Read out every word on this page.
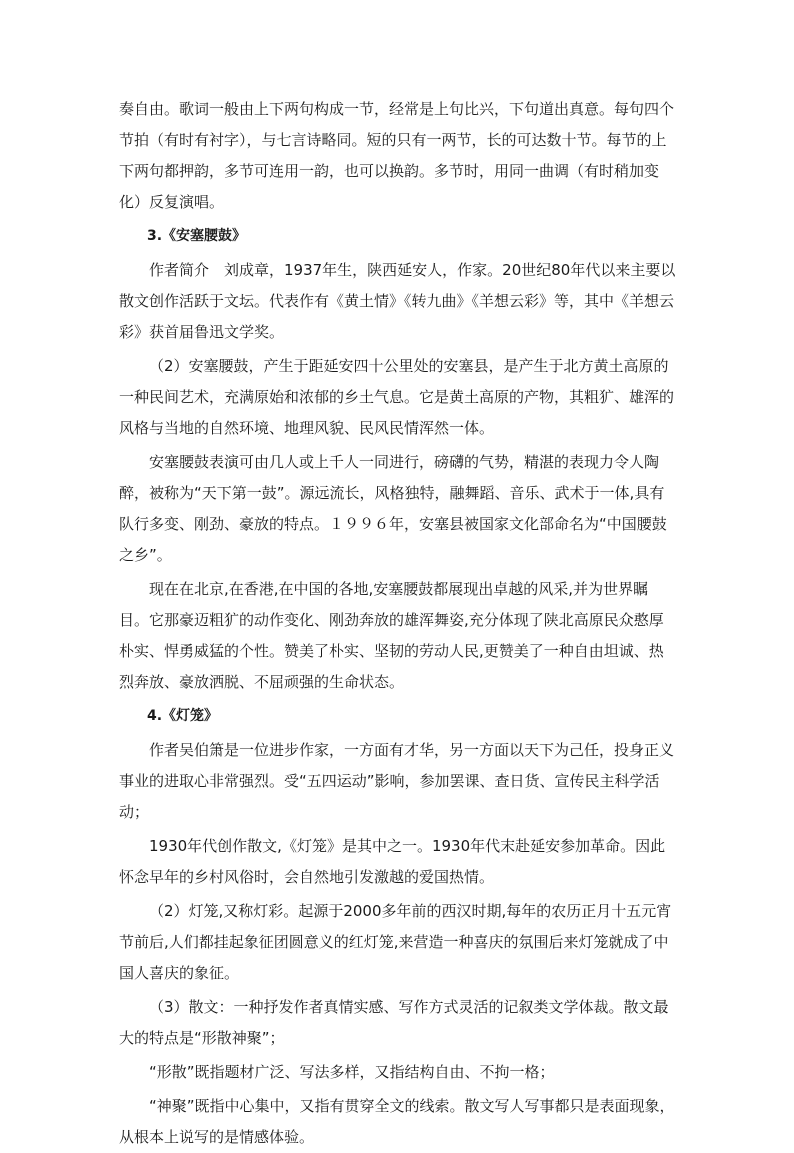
奏自由。歌词一般由上下两句构成一节，经常是上句比兴，下句道出真意。每句四个节拍（有时有衬字），与七言诗略同。短的只有一两节，长的可达数十节。每节的上下两句都押韵，多节可连用一韵，也可以换韵。多节时，用同一曲调（有时稍加变化）反复演唱。

3.《安塞腰鼓》

作者简介　刘成章，1937年生，陕西延安人，作家。20世纪80年代以来主要以散文创作活跃于文坛。代表作有《黄土情》《转九曲》《羊想云彩》等，其中《羊想云彩》获首届鲁迅文学奖。

（2）安塞腰鼓，产生于距延安四十公里处的安塞县，是产生于北方黄土高原的一种民间艺术，充满原始和浓郁的乡土气息。它是黄土高原的产物，其粗犷、雄浑的风格与当地的自然环境、地理风貌、民风民情浑然一体。

安塞腰鼓表演可由几人或上千人一同进行，磅礴的气势，精湛的表现力令人陶醉，被称为“天下第一鼓”。源远流长，风格独特，融舞蹈、音乐、武术于一体,具有队行多变、刚劲、豪放的特点。１９９６年，安塞县被国家文化部命名为“中国腰鼓之乡”。

现在在北京,在香港,在中国的各地,安塞腰鼓都展现出卓越的风采,并为世界瞩目。它那豪迈粗犷的动作变化、刚劲奔放的雄浑舞姿,充分体现了陕北高原民众憨厚朴实、悍勇威猛的个性。赞美了朴实、坚韧的劳动人民,更赞美了一种自由坦诚、热烈奔放、豪放洒脱、不屈顽强的生命状态。

4.《灯笼》

作者吴伯箫是一位进步作家，一方面有才华，另一方面以天下为己任，投身正义事业的进取心非常强烈。受“五四运动”影响，参加罢课、查日货、宣传民主科学活动；

1930年代创作散文,《灯笼》是其中之一。1930年代末赴延安参加革命。因此怀念早年的乡村风俗时，会自然地引发激越的爱国热情。

（2）灯笼,又称灯彩。起源于2000多年前的西汉时期,每年的农历正月十五元宵节前后,人们都挂起象征团圆意义的红灯笼,来营造一种喜庆的氛围后来灯笼就成了中国人喜庆的象征。

（3）散文：一种抒发作者真情实感、写作方式灵活的记叙类文学体裁。散文最大的特点是“形散神聚”；

“形散”既指题材广泛、写法多样，又指结构自由、不拘一格；

“神聚”既指中心集中，又指有贯穿全文的线索。散文写人写事都只是表面现象，从根本上说写的是情感体验。
